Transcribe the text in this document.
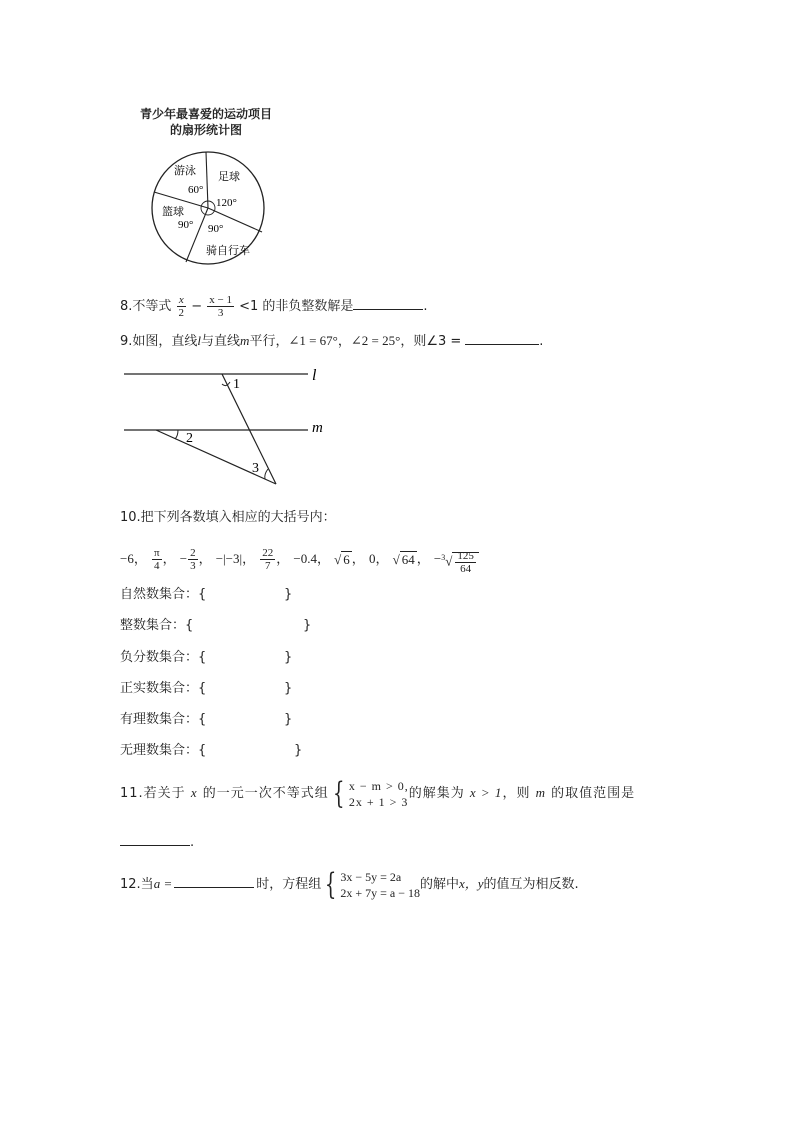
青少年最喜爱的运动项目
的扇形统计图
游泳
60°
足球
120°
篮球
90° 90°
骑自行车
8.不等式 $\frac{x}{2} - \frac{x - 1}{3} <1$ 的非负整数解是	.
9.如图，直线l与直线m平行，∠1 = 67°，∠2 = 25°，则∠3 =	.
l
m
1
2
3
10.把下列各数填入相应的大括号内：
−6， $\frac{\pi}{4}$ ， − $\frac{2}{3}$ ， −|−3|， $\frac{22}{7}$ ， −0.4， √ 6 ， 0， √ 64 ， $-^3√ \frac{125}{64}$
自然数集合：{	}
整数集合：{	}
负分数集合：{	}
正实数集合：{	}
有理数集合：{	}
无理数集合：{	}
11.若关于 x 的一元一次不等式组 { x − m > 0,
2x + 1 > 3
的解集为 x > 1，则 m 的取值范围是
.
12.当a =	时，方程组 { 3x − 5y = 2a
2x + 7y = a − 18
的解中x，y的值互为相反数.
